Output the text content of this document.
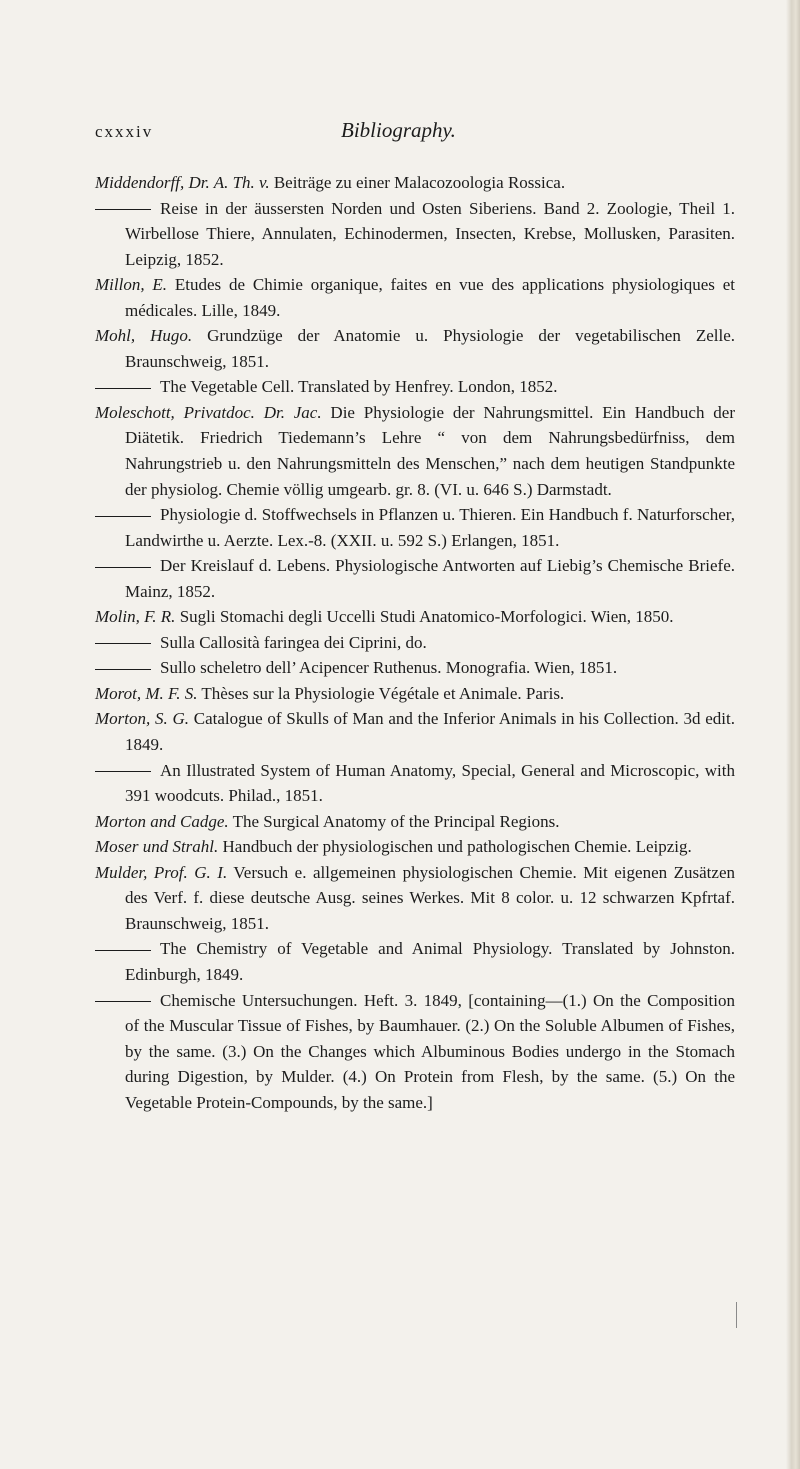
cxxxiv	Bibliography.
Middendorff, Dr. A. Th. v. Beiträge zu einer Malacozoologia Rossica.
Reise in der äussersten Norden und Osten Siberiens. Band 2. Zoologie, Theil 1. Wirbellose Thiere, Annulaten, Echinodermen, Insecten, Krebse, Mollusken, Parasiten. Leipzig, 1852.
Millon, E. Etudes de Chimie organique, faites en vue des applications physiologiques et médicales. Lille, 1849.
Mohl, Hugo. Grundzüge der Anatomie u. Physiologie der vegetabilischen Zelle. Braunschweig, 1851.
The Vegetable Cell. Translated by Henfrey. London, 1852.
Moleschott, Privatdoc. Dr. Jac. Die Physiologie der Nahrungsmittel. Ein Handbuch der Diätetik. Friedrich Tiedemann’s Lehre “ von dem Nahrungsbedürfniss, dem Nahrungstrieb u. den Nahrungsmitteln des Menschen,” nach dem heutigen Standpunkte der physiolog. Chemie völlig umgearb. gr. 8. (VI. u. 646 S.) Darmstadt.
Physiologie d. Stoffwechsels in Pflanzen u. Thieren. Ein Handbuch f. Naturforscher, Landwirthe u. Aerzte. Lex.-8. (XXII. u. 592 S.) Erlangen, 1851.
Der Kreislauf d. Lebens. Physiologische Antworten auf Liebig’s Chemische Briefe. Mainz, 1852.
Molin, F. R. Sugli Stomachi degli Uccelli Studi Anatomico-Morfologici. Wien, 1850.
Sulla Callosità faringea dei Ciprini, do.
Sullo scheletro dell’ Acipencer Ruthenus. Monografia. Wien, 1851.
Morot, M. F. S. Thèses sur la Physiologie Végétale et Animale. Paris.
Morton, S. G. Catalogue of Skulls of Man and the Inferior Animals in his Collection. 3d edit. 1849.
An Illustrated System of Human Anatomy, Special, General and Microscopic, with 391 woodcuts. Philad., 1851.
Morton and Cadge. The Surgical Anatomy of the Principal Regions.
Moser und Strahl. Handbuch der physiologischen und pathologischen Chemie. Leipzig.
Mulder, Prof. G. I. Versuch e. allgemeinen physiologischen Chemie. Mit eigenen Zusätzen des Verf. f. diese deutsche Ausg. seines Werkes. Mit 8 color. u. 12 schwarzen Kpfrtaf. Braunschweig, 1851.
The Chemistry of Vegetable and Animal Physiology. Translated by Johnston. Edinburgh, 1849.
Chemische Untersuchungen. Heft. 3. 1849, [containing—(1.) On the Composition of the Muscular Tissue of Fishes, by Baumhauer. (2.) On the Soluble Albumen of Fishes, by the same. (3.) On the Changes which Albuminous Bodies undergo in the Stomach during Digestion, by Mulder. (4.) On Protein from Flesh, by the same. (5.) On the Vegetable Protein-Compounds, by the same.]
